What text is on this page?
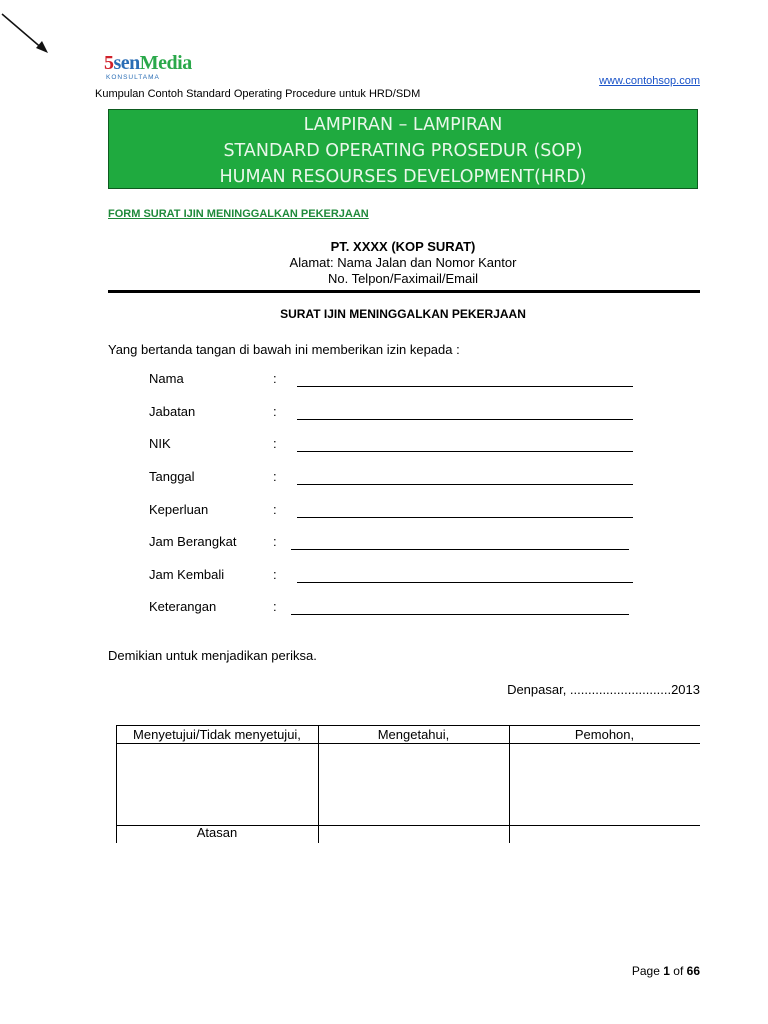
5senMedia
KONSULTAMA	www.contohsop.com
Kumpulan Contoh Standard Operating Procedure untuk HRD/SDM
LAMPIRAN – LAMPIRAN
STANDARD OPERATING PROSEDUR (SOP)
HUMAN RESOURSES DEVELOPMENT(HRD)
FORM SURAT IJIN MENINGGALKAN PEKERJAAN
PT. XXXX (KOP SURAT)
Alamat: Nama Jalan dan Nomor Kantor
No. Telpon/Faximail/Email
SURAT IJIN MENINGGALKAN PEKERJAAN
Yang bertanda tangan di bawah ini memberikan izin kepada :
Nama	:
Jabatan	:
NIK	:
Tanggal	:
Keperluan	:
Jam Berangkat	:
Jam Kembali	:
Keterangan	:
Demikian untuk menjadikan periksa.
Denpasar, ............................2013
Menyetujui/Tidak menyetujui,	Mengetahui,	Pemohon,
Atasan
Page 1 of 66
